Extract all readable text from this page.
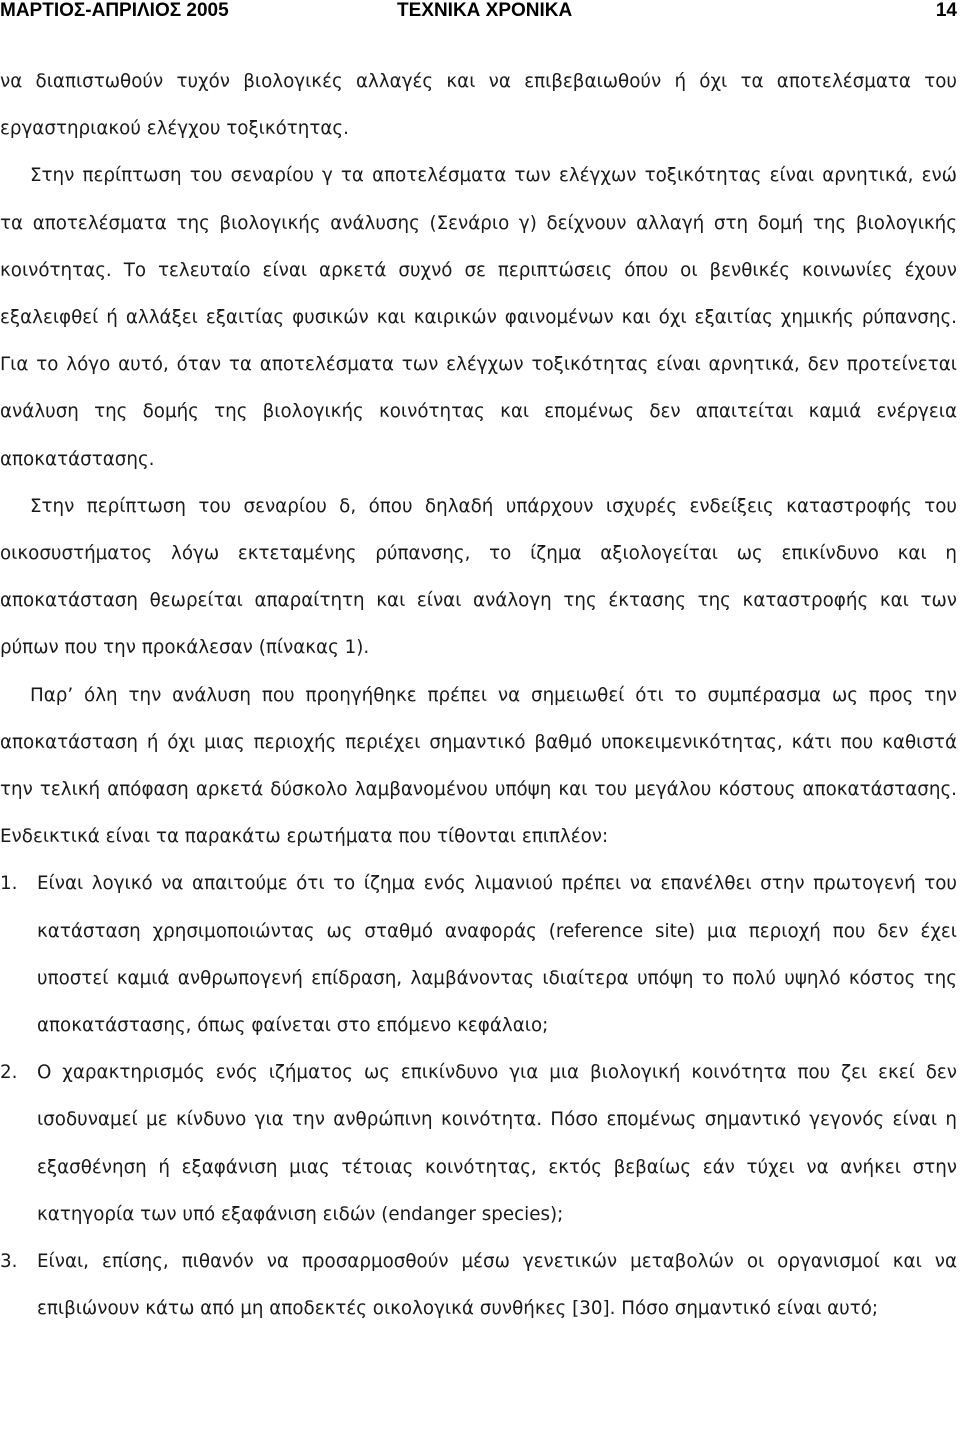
ΜΑΡΤΙΟΣ-ΑΠΡΙΛΙΟΣ 2005	ΤΕΧΝΙΚΑ ΧΡΟΝΙΚΑ	14

να διαπιστωθούν τυχόν βιολογικές αλλαγές και να επιβεβαιωθούν ή όχι τα αποτελέσματα του εργαστηριακού ελέγχου τοξικότητας.

Στην περίπτωση του σεναρίου γ τα αποτελέσματα των ελέγχων τοξικότητας είναι αρνητικά, ενώ τα αποτελέσματα της βιολογικής ανάλυσης (Σενάριο γ) δείχνουν αλλαγή στη δομή της βιολογικής κοινότητας. Το τελευταίο είναι αρκετά συχνό σε περιπτώσεις όπου οι βενθικές κοινωνίες έχουν εξαλειφθεί ή αλλάξει εξαιτίας φυσικών και καιρικών φαινομένων και όχι εξαιτίας χημικής ρύπανσης. Για το λόγο αυτό, όταν τα αποτελέσματα των ελέγχων τοξικότητας είναι αρνητικά, δεν προτείνεται ανάλυση της δομής της βιολογικής κοινότητας και επομένως δεν απαιτείται καμιά ενέργεια αποκατάστασης.

Στην περίπτωση του σεναρίου δ, όπου δηλαδή υπάρχουν ισχυρές ενδείξεις καταστροφής του οικοσυστήματος λόγω εκτεταμένης ρύπανσης, το ίζημα αξιολογείται ως επικίνδυνο και η αποκατάσταση θεωρείται απαραίτητη και είναι ανάλογη της έκτασης της καταστροφής και των ρύπων που την προκάλεσαν (πίνακας 1).

Παρ’ όλη την ανάλυση που προηγήθηκε πρέπει να σημειωθεί ότι το συμπέρασμα ως προς την αποκατάσταση ή όχι μιας περιοχής περιέχει σημαντικό βαθμό υποκειμενικότητας, κάτι που καθιστά την τελική απόφαση αρκετά δύσκολο λαμβανομένου υπόψη και του μεγάλου κόστους αποκατάστασης. Ενδεικτικά είναι τα παρακάτω ερωτήματα που τίθονται επιπλέον:

1. Είναι λογικό να απαιτούμε ότι το ίζημα ενός λιμανιού πρέπει να επανέλθει στην πρωτογενή του κατάσταση χρησιμοποιώντας ως σταθμό αναφοράς (reference site) μια περιοχή που δεν έχει υποστεί καμιά ανθρωπογενή επίδραση, λαμβάνοντας ιδιαίτερα υπόψη το πολύ υψηλό κόστος της αποκατάστασης, όπως φαίνεται στο επόμενο κεφάλαιο;
2. Ο χαρακτηρισμός ενός ιζήματος ως επικίνδυνο για μια βιολογική κοινότητα που ζει εκεί δεν ισοδυναμεί με κίνδυνο για την ανθρώπινη κοινότητα. Πόσο επομένως σημαντικό γεγονός είναι η εξασθένηση ή εξαφάνιση μιας τέτοιας κοινότητας, εκτός βεβαίως εάν τύχει να ανήκει στην κατηγορία των υπό εξαφάνιση ειδών (endanger species);
3. Είναι, επίσης, πιθανόν να προσαρμοσθούν μέσω γενετικών μεταβολών οι οργανισμοί και να επιβιώνουν κάτω από μη αποδεκτές οικολογικά συνθήκες [30]. Πόσο σημαντικό είναι αυτό;
